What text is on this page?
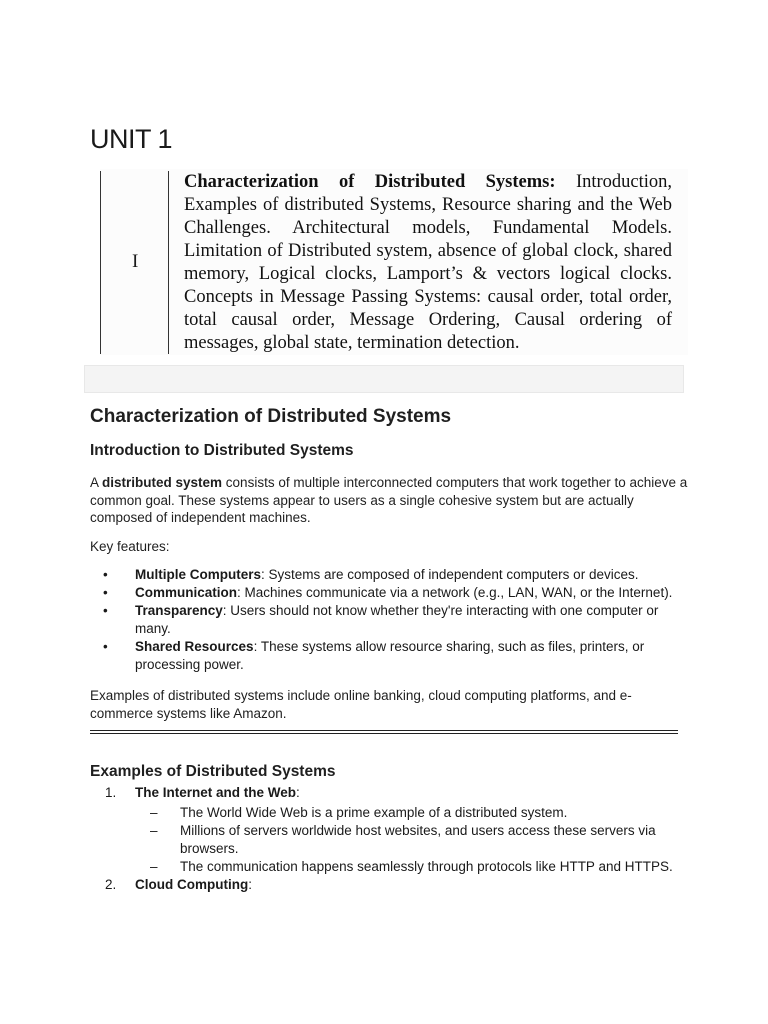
UNIT 1
I
Characterization of Distributed Systems: Introduction, Examples of distributed Systems, Resource sharing and the Web Challenges. Architectural models, Fundamental Models. Limitation of Distributed system, absence of global clock, shared memory, Logical clocks, Lamport’s & vectors logical clocks. Concepts in Message Passing Systems: causal order, total order, total causal order, Message Ordering, Causal ordering of messages, global state, termination detection.
Characterization of Distributed Systems
Introduction to Distributed Systems

A distributed system consists of multiple interconnected computers that work together to achieve a common goal. These systems appear to users as a single cohesive system but are actually composed of independent machines.

Key features:

• Multiple Computers: Systems are composed of independent computers or devices.
• Communication: Machines communicate via a network (e.g., LAN, WAN, or the Internet).
• Transparency: Users should not know whether they're interacting with one computer or many.
• Shared Resources: These systems allow resource sharing, such as files, printers, or processing power.

Examples of distributed systems include online banking, cloud computing platforms, and e-commerce systems like Amazon.

Examples of Distributed Systems
1. The Internet and the Web:
– The World Wide Web is a prime example of a distributed system.
– Millions of servers worldwide host websites, and users access these servers via browsers.
– The communication happens seamlessly through protocols like HTTP and HTTPS.
2. Cloud Computing:
